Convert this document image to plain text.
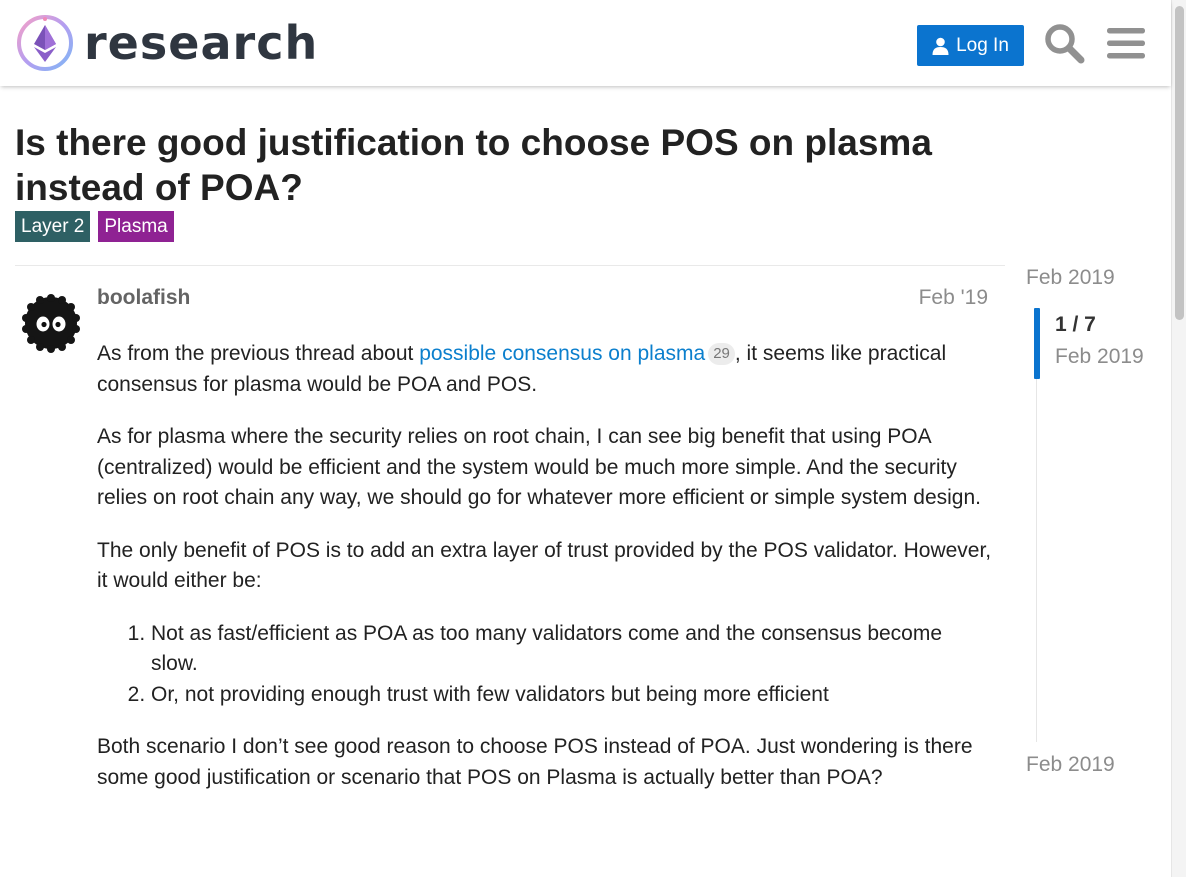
research	Log In
Is there good justification to choose POS on plasma instead of POA?
Layer 2	Plasma
boolafish	Feb '19

As from the previous thread about possible consensus on plasma 29 , it seems like practical consensus for plasma would be POA and POS.

As for plasma where the security relies on root chain, I can see big benefit that using POA (centralized) would be efficient and the system would be much more simple. And the security relies on root chain any way, we should go for whatever more efficient or simple system design.

The only benefit of POS is to add an extra layer of trust provided by the POS validator. However, it would either be:

1. Not as fast/efficient as POA as too many validators come and the consensus become slow.
2. Or, not providing enough trust with few validators but being more efficient

Both scenario I don’t see good reason to choose POS instead of POA. Just wondering is there some good justification or scenario that POS on Plasma is actually better than POA?

Feb 2019
1 / 7
Feb 2019
Feb 2019
